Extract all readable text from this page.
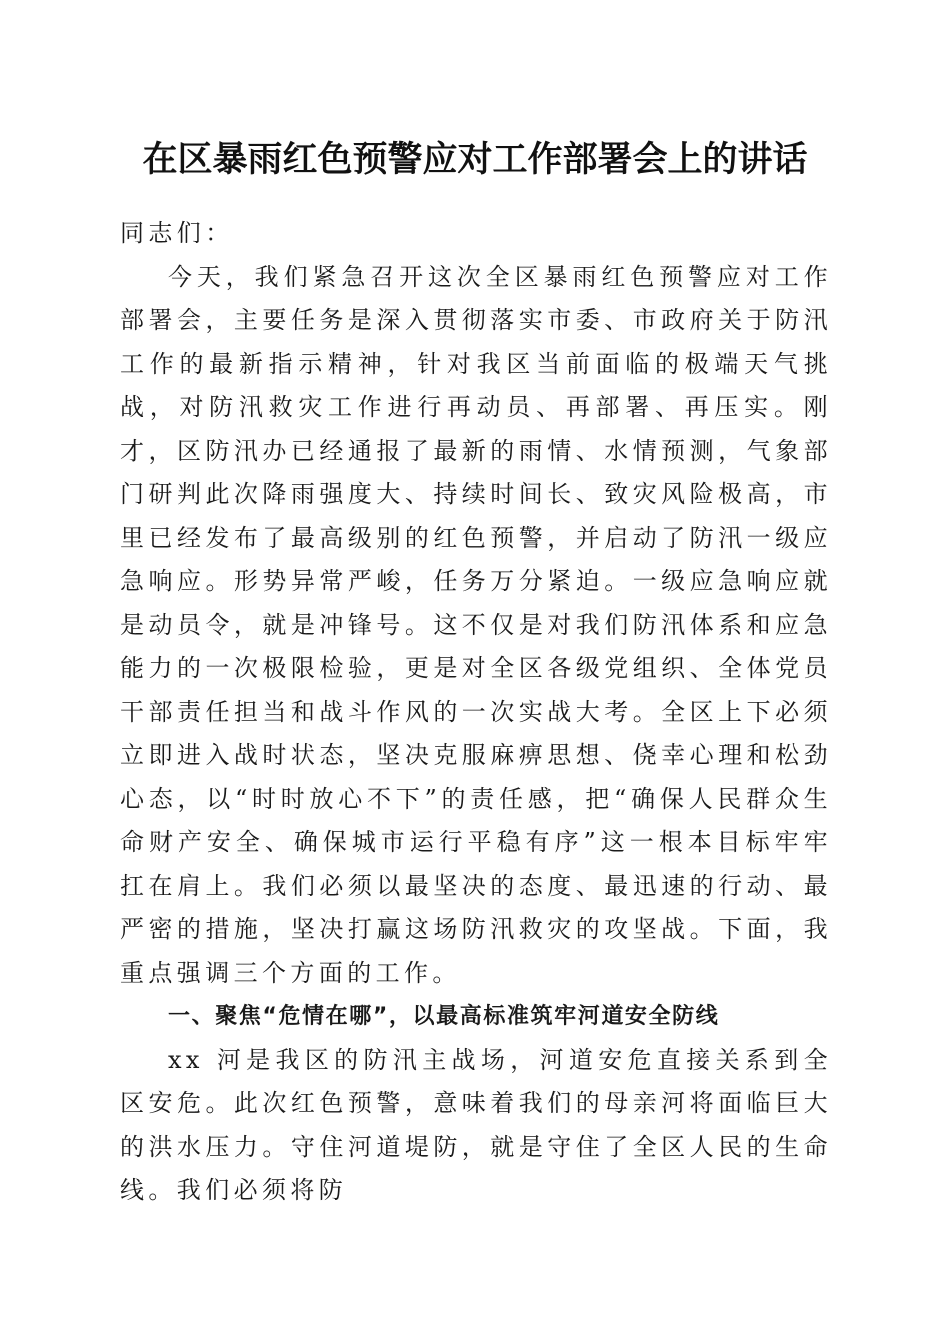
在区暴雨红色预警应对工作部署会上的讲话

同志们：

今天，我们紧急召开这次全区暴雨红色预警应对工作部署会，主要任务是深入贯彻落实市委、市政府关于防汛工作的最新指示精神，针对我区当前面临的极端天气挑战，对防汛救灾工作进行再动员、再部署、再压实。刚才，区防汛办已经通报了最新的雨情、水情预测，气象部门研判此次降雨强度大、持续时间长、致灾风险极高，市里已经发布了最高级别的红色预警，并启动了防汛一级应急响应。形势异常严峻，任务万分紧迫。一级应急响应就是动员令，就是冲锋号。这不仅是对我们防汛体系和应急能力的一次极限检验，更是对全区各级党组织、全体党员干部责任担当和战斗作风的一次实战大考。全区上下必须立即进入战时状态，坚决克服麻痹思想、侥幸心理和松劲心态，以“时时放心不下”的责任感，把“确保人民群众生命财产安全、确保城市运行平稳有序”这一根本目标牢牢扛在肩上。我们必须以最坚决的态度、最迅速的行动、最严密的措施，坚决打赢这场防汛救灾的攻坚战。下面，我重点强调三个方面的工作。

一、聚焦“危情在哪”，以最高标准筑牢河道安全防线

xx 河是我区的防汛主战场，河道安危直接关系到全区安危。此次红色预警，意味着我们的母亲河将面临巨大的洪水压力。守住河道堤防，就是守住了全区人民的生命线。我们必须将防
